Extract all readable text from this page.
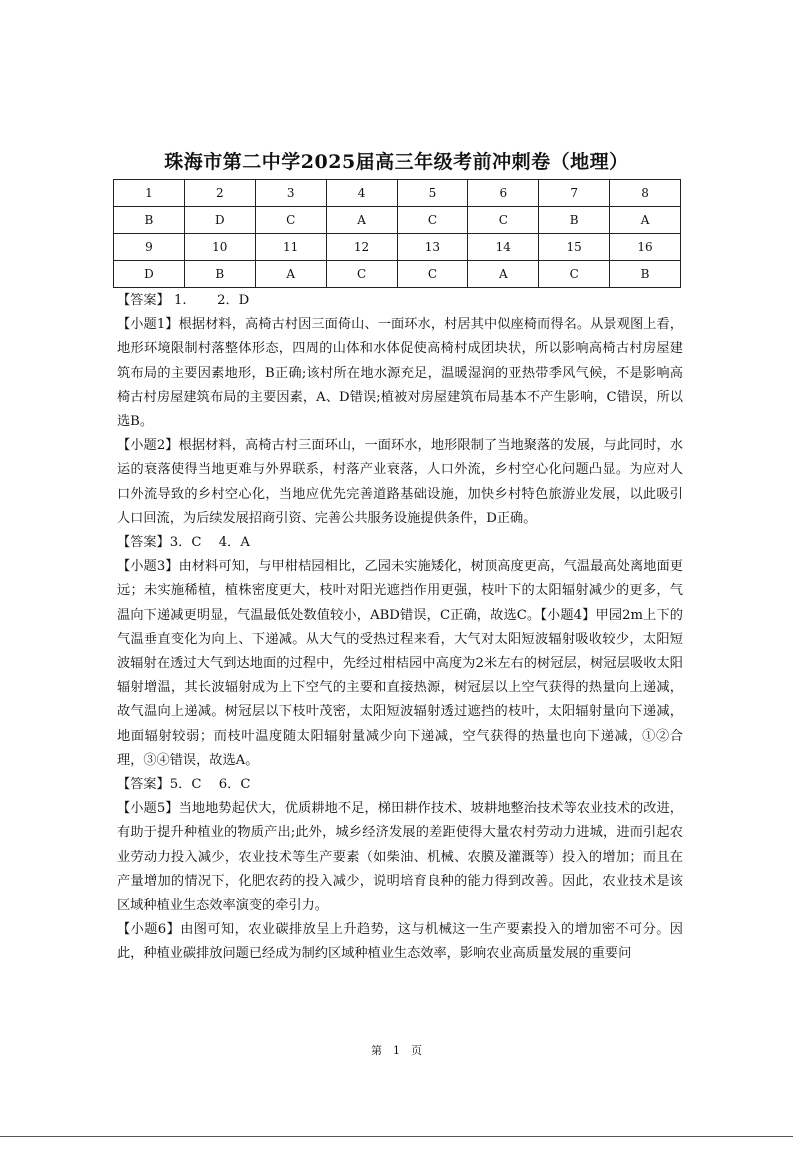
珠海市第二中学2025届高三年级考前冲刺卷（地理）
1	2	3	4	5	6	7	8
B	D	C	A	C	C	B	A
9	10	11	12	13	14	15	16
D	B	A	C	C	A	C	B

【答案】 1.　　 2．D

【小题1】根据材料，高椅古村因三面倚山、一面环水，村居其中似座椅而得名。从景观图上看，地形环境限制村落整体形态，四周的山体和水体促使高椅村成团块状，所以影响高椅古村房屋建筑布局的主要因素地形，B正确;该村所在地水源充足，温暖湿润的亚热带季风气候，不是影响高椅古村房屋建筑布局的主要因素，A、D错误;植被对房屋建筑布局基本不产生影响，C错误，所以选B。

【小题2】根据材料，高椅古村三面环山，一面环水，地形限制了当地聚落的发展，与此同时，水运的衰落使得当地更难与外界联系，村落产业衰落，人口外流，乡村空心化问题凸显。为应对人口外流导致的乡村空心化，当地应优先完善道路基础设施，加快乡村特色旅游业发展，以此吸引人口回流，为后续发展招商引资、完善公共服务设施提供条件，D正确。

【答案】3．C　 4．A

【小题3】由材料可知，与甲柑桔园相比，乙园未实施矮化，树顶高度更高，气温最高处离地面更远；未实施稀植，植株密度更大，枝叶对阳光遮挡作用更强，枝叶下的太阳辐射减少的更多，气温向下递减更明显，气温最低处数值较小，ABD错误，C正确，故选C。【小题4】甲园2m上下的气温垂直变化为向上、下递减。从大气的受热过程来看，大气对太阳短波辐射吸收较少，太阳短波辐射在透过大气到达地面的过程中，先经过柑桔园中高度为2米左右的树冠层，树冠层吸收太阳辐射增温，其长波辐射成为上下空气的主要和直接热源，树冠层以上空气获得的热量向上递减，故气温向上递减。树冠层以下枝叶茂密，太阳短波辐射透过遮挡的枝叶，太阳辐射量向下递减，地面辐射较弱；而枝叶温度随太阳辐射量减少向下递减，空气获得的热量也向下递减，①②合理，③④错误，故选A。

【答案】5．C　 6．C

【小题5】当地地势起伏大，优质耕地不足，梯田耕作技术、坡耕地整治技术等农业技术的改进，有助于提升种植业的物质产出;此外，城乡经济发展的差距使得大量农村劳动力进城，进而引起农业劳动力投入减少，农业技术等生产要素（如柴油、机械、农膜及灌溉等）投入的增加；而且在产量增加的情况下，化肥农药的投入减少，说明培育良种的能力得到改善。因此，农业技术是该区域种植业生态效率演变的牵引力。

【小题6】由图可知，农业碳排放呈上升趋势，这与机械这一生产要素投入的增加密不可分。因此，种植业碳排放问题已经成为制约区域种植业生态效率，影响农业高质量发展的重要问

第　1　页
